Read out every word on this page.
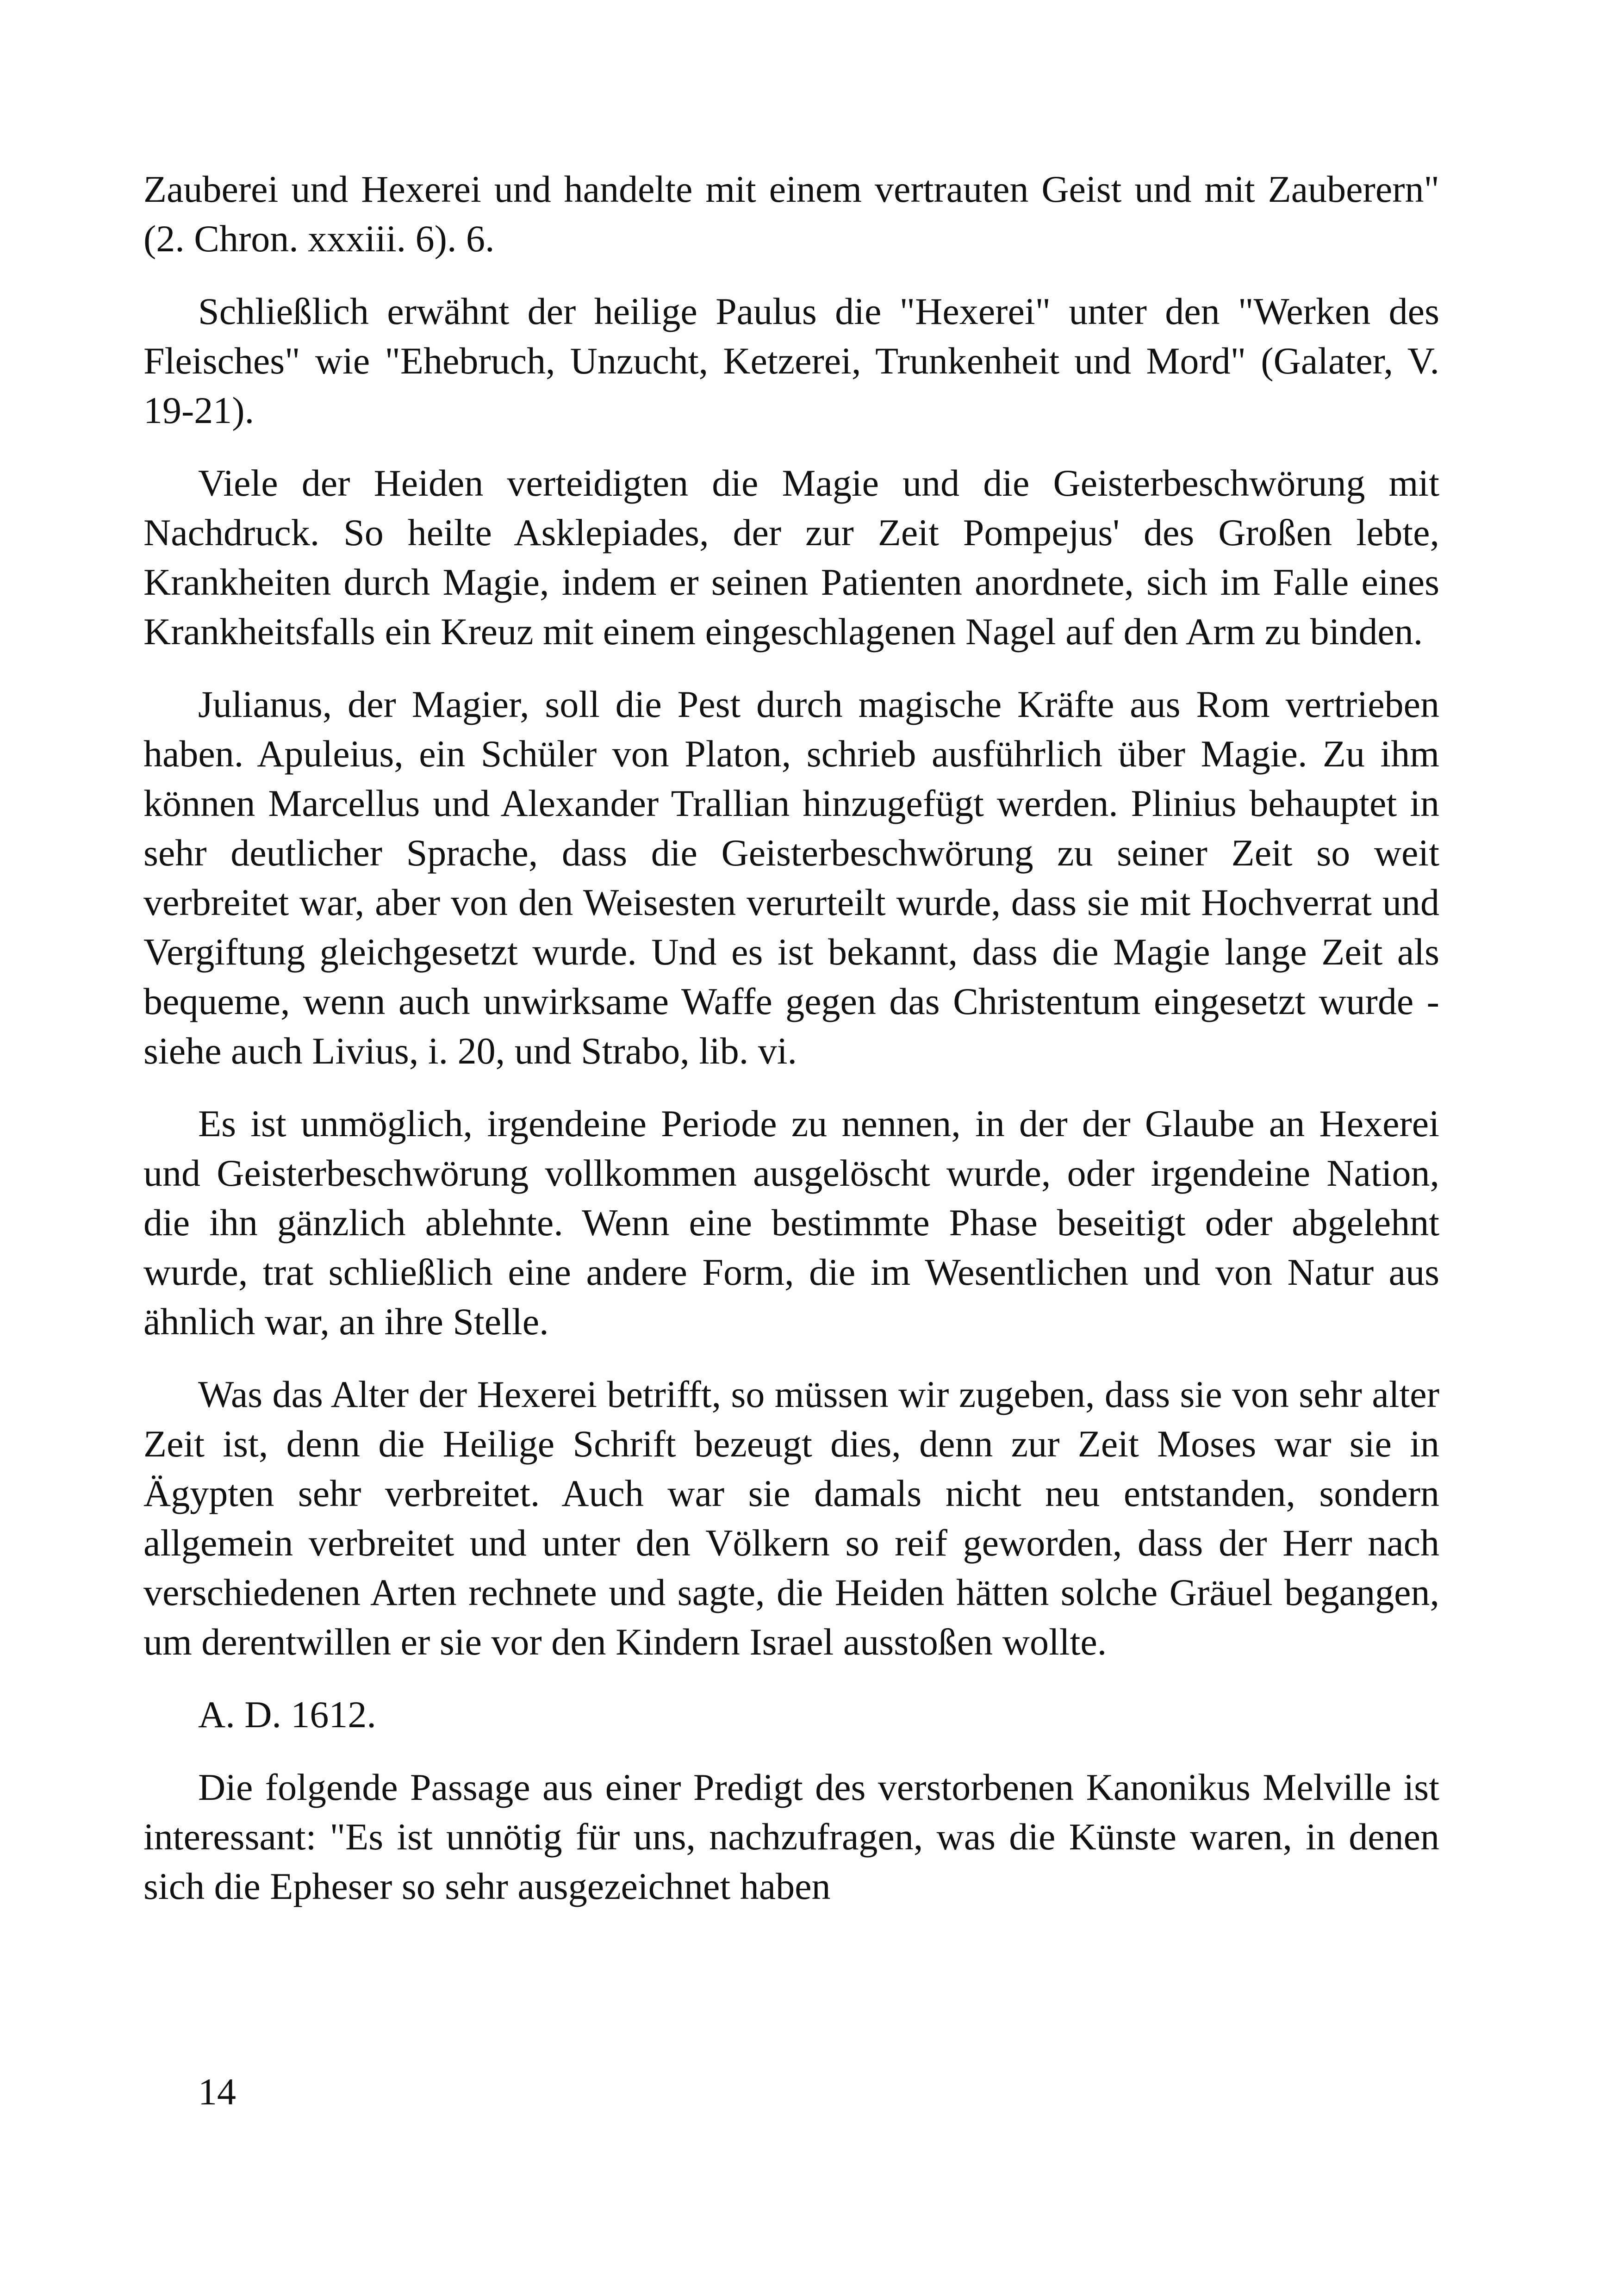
Zauberei und Hexerei und handelte mit einem vertrauten Geist und mit Zauberern" (2. Chron. xxxiii. 6). 6.

Schließlich erwähnt der heilige Paulus die "Hexerei" unter den "Werken des Fleisches" wie "Ehebruch, Unzucht, Ketzerei, Trunkenheit und Mord" (Galater, V. 19-21).

Viele der Heiden verteidigten die Magie und die Geisterbeschwörung mit Nachdruck. So heilte Asklepiades, der zur Zeit Pompejus' des Großen lebte, Krankheiten durch Magie, indem er seinen Patienten anordnete, sich im Falle eines Krankheitsfalls ein Kreuz mit einem eingeschlagenen Nagel auf den Arm zu binden.

Julianus, der Magier, soll die Pest durch magische Kräfte aus Rom vertrieben haben. Apuleius, ein Schüler von Platon, schrieb ausführlich über Magie. Zu ihm können Marcellus und Alexander Trallian hinzugefügt werden. Plinius behauptet in sehr deutlicher Sprache, dass die Geisterbeschwörung zu seiner Zeit so weit verbreitet war, aber von den Weisesten verurteilt wurde, dass sie mit Hochverrat und Vergiftung gleichgesetzt wurde. Und es ist bekannt, dass die Magie lange Zeit als bequeme, wenn auch unwirksame Waffe gegen das Christentum eingesetzt wurde - siehe auch Livius, i. 20, und Strabo, lib. vi.

Es ist unmöglich, irgendeine Periode zu nennen, in der der Glaube an Hexerei und Geisterbeschwörung vollkommen ausgelöscht wurde, oder irgendeine Nation, die ihn gänzlich ablehnte. Wenn eine bestimmte Phase beseitigt oder abgelehnt wurde, trat schließlich eine andere Form, die im Wesentlichen und von Natur aus ähnlich war, an ihre Stelle.

Was das Alter der Hexerei betrifft, so müssen wir zugeben, dass sie von sehr alter Zeit ist, denn die Heilige Schrift bezeugt dies, denn zur Zeit Moses war sie in Ägypten sehr verbreitet. Auch war sie damals nicht neu entstanden, sondern allgemein verbreitet und unter den Völkern so reif geworden, dass der Herr nach verschiedenen Arten rechnete und sagte, die Heiden hätten solche Gräuel begangen, um derentwillen er sie vor den Kindern Israel ausstoßen wollte.

A. D. 1612.

Die folgende Passage aus einer Predigt des verstorbenen Kanonikus Melville ist interessant: "Es ist unnötig für uns, nachzufragen, was die Künste waren, in denen sich die Epheser so sehr ausgezeichnet haben

14
